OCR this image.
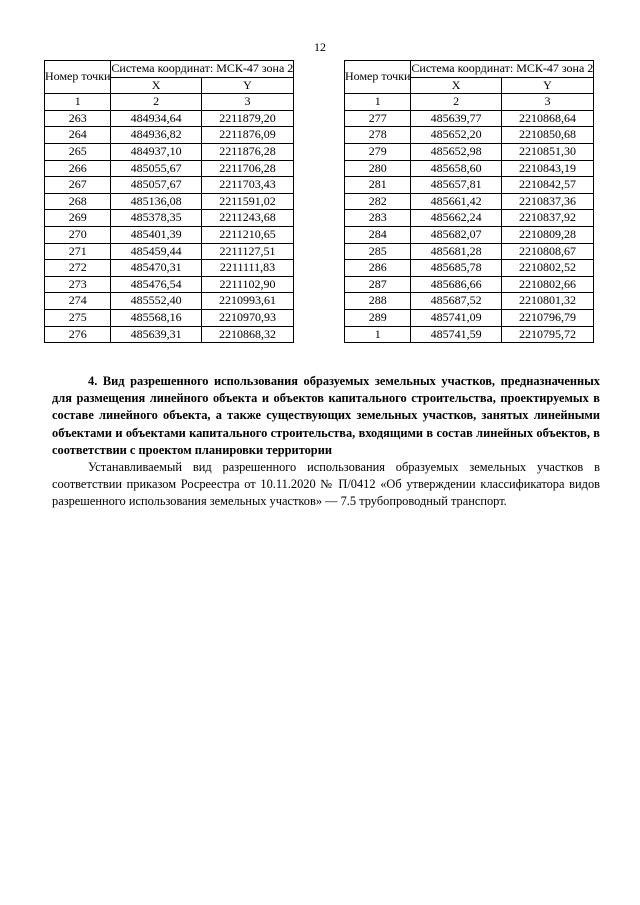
12
Номер точки	Система координат: МСК-47 зона 2	
	X	Y
1	2	3
263	484934,64	2211879,20
264	484936,82	2211876,09
265	484937,10	2211876,28
266	485055,67	2211706,28
267	485057,67	2211703,43
268	485136,08	2211591,02
269	485378,35	2211243,68
270	485401,39	2211210,65
271	485459,44	2211127,51
272	485470,31	2211111,83
273	485476,54	2211102,90
274	485552,40	2210993,61
275	485568,16	2210970,93
276	485639,31	2210868,32
Номер точки	Система координат: МСК-47 зона 2	
	X	Y
1	2	3
277	485639,77	2210868,64
278	485652,20	2210850,68
279	485652,98	2210851,30
280	485658,60	2210843,19
281	485657,81	2210842,57
282	485661,42	2210837,36
283	485662,24	2210837,92
284	485682,07	2210809,28
285	485681,28	2210808,67
286	485685,78	2210802,52
287	485686,66	2210802,66
288	485687,52	2210801,32
289	485741,09	2210796,79
1	485741,59	2210795,72

4. Вид разрешенного использования образуемых земельных участков, предназначенных для размещения линейного объекта и объектов капитального строительства, проектируемых в составе линейного объекта, а также существующих земельных участков, занятых линейными объектами и объектами капитального строительства, входящими в состав линейных объектов, в соответствии с проектом планировки территории

Устанавливаемый вид разрешенного использования образуемых земельных участков в соответствии приказом Росреестра от 10.11.2020 № П/0412 «Об утверждении классификатора видов разрешенного использования земельных участков» — 7.5 трубопроводный транспорт.
